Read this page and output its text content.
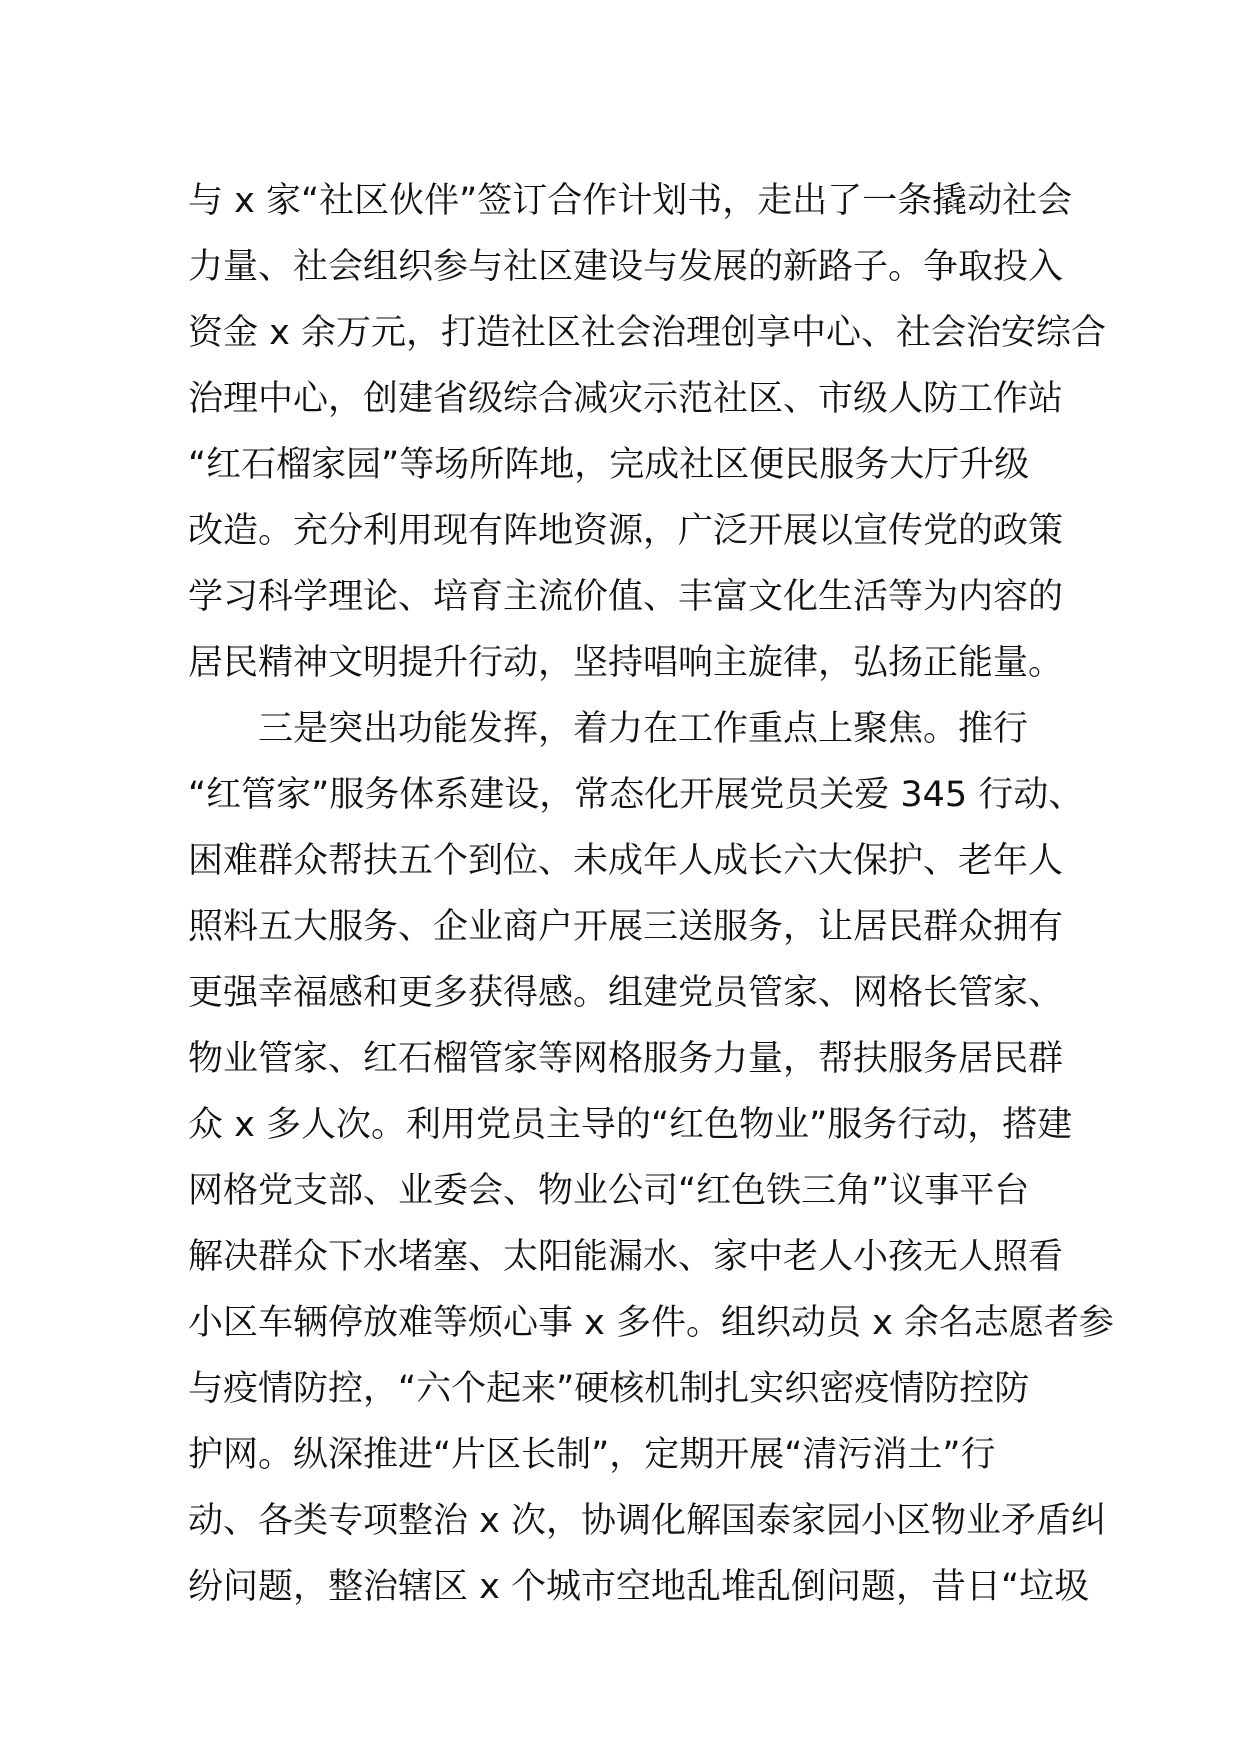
与 x 家“社区伙伴”签订合作计划书，走出了一条撬动社会
力量、社会组织参与社区建设与发展的新路子。争取投入
资金 x 余万元，打造社区社会治理创享中心、社会治安综合
治理中心，创建省级综合减灾示范社区、市级人防工作站
“红石榴家园”等场所阵地，完成社区便民服务大厅升级
改造。充分利用现有阵地资源，广泛开展以宣传党的政策
学习科学理论、培育主流价值、丰富文化生活等为内容的
居民精神文明提升行动，坚持唱响主旋律，弘扬正能量。
　　三是突出功能发挥，着力在工作重点上聚焦。推行
“红管家”服务体系建设，常态化开展党员关爱 345 行动、
困难群众帮扶五个到位、未成年人成长六大保护、老年人
照料五大服务、企业商户开展三送服务，让居民群众拥有
更强幸福感和更多获得感。组建党员管家、网格长管家、
物业管家、红石榴管家等网格服务力量，帮扶服务居民群
众 x 多人次。利用党员主导的“红色物业”服务行动，搭建
网格党支部、业委会、物业公司“红色铁三角”议事平台
解决群众下水堵塞、太阳能漏水、家中老人小孩无人照看
小区车辆停放难等烦心事 x 多件。组织动员 x 余名志愿者参
与疫情防控，“六个起来”硬核机制扎实织密疫情防控防
护网。纵深推进“片区长制”，定期开展“清污消土”行
动、各类专项整治 x 次，协调化解国泰家园小区物业矛盾纠
纷问题，整治辖区 x 个城市空地乱堆乱倒问题，昔日“垃圾
